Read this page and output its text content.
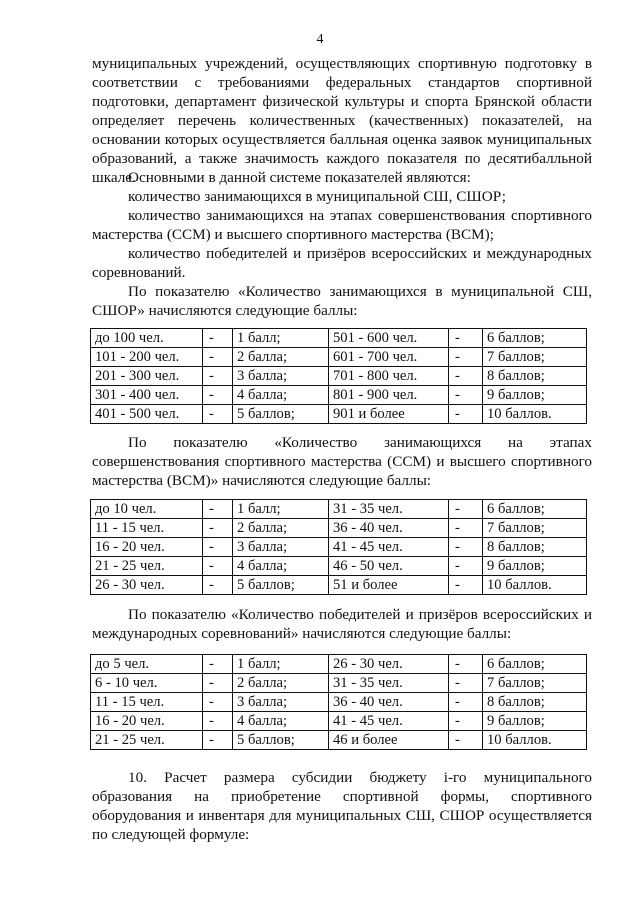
4

муниципальных учреждений, осуществляющих спортивную подготовку в соответствии с требованиями федеральных стандартов спортивной подготовки, департамент физической культуры и спорта Брянской области определяет перечень количественных (качественных) показателей, на основании которых осуществляется балльная оценка заявок муниципальных образований, а также значимость каждого показателя по десятибалльной шкале.

Основными в данной системе показателей являются:

количество занимающихся в муниципальной СШ, СШОР;

количество занимающихся на этапах совершенствования спортивного мастерства (ССМ) и высшего спортивного мастерства (ВСМ);

количество победителей и призёров всероссийских и международных соревнований.

По показателю «Количество занимающихся в муниципальной СШ, СШОР» начисляются следующие баллы:

до 100 чел.	-	1 балл;	501 - 600 чел.	-	6 баллов;
101 - 200 чел.	-	2 балла;	601 - 700 чел.	-	7 баллов;
201 - 300 чел.	-	3 балла;	701 - 800 чел.	-	8 баллов;
301 - 400 чел.	-	4 балла;	801 - 900 чел.	-	9 баллов;
401 - 500 чел.	-	5 баллов;	901 и более	-	10 баллов.

По показателю «Количество занимающихся на этапах совершенствования спортивного мастерства (ССМ) и высшего спортивного мастерства (ВСМ)» начисляются следующие баллы:

до 10 чел.	-	1 балл;	31 - 35 чел.	-	6 баллов;
11 - 15 чел.	-	2 балла;	36 - 40 чел.	-	7 баллов;
16 - 20 чел.	-	3 балла;	41 - 45 чел.	-	8 баллов;
21 - 25 чел.	-	4 балла;	46 - 50 чел.	-	9 баллов;
26 - 30 чел.	-	5 баллов;	51 и более	-	10 баллов.

По показателю «Количество победителей и призёров всероссийских и международных соревнований» начисляются следующие баллы:

до 5 чел.	-	1 балл;	26 - 30 чел.	-	6 баллов;
6 - 10 чел.	-	2 балла;	31 - 35 чел.	-	7 баллов;
11 - 15 чел.	-	3 балла;	36 - 40 чел.	-	8 баллов;
16 - 20 чел.	-	4 балла;	41 - 45 чел.	-	9 баллов;
21 - 25 чел.	-	5 баллов;	46 и более	-	10 баллов.

10. Расчет размера субсидии бюджету i-го муниципального образования на приобретение спортивной формы, спортивного оборудования и инвентаря для муниципальных СШ, СШОР осуществляется по следующей формуле:
